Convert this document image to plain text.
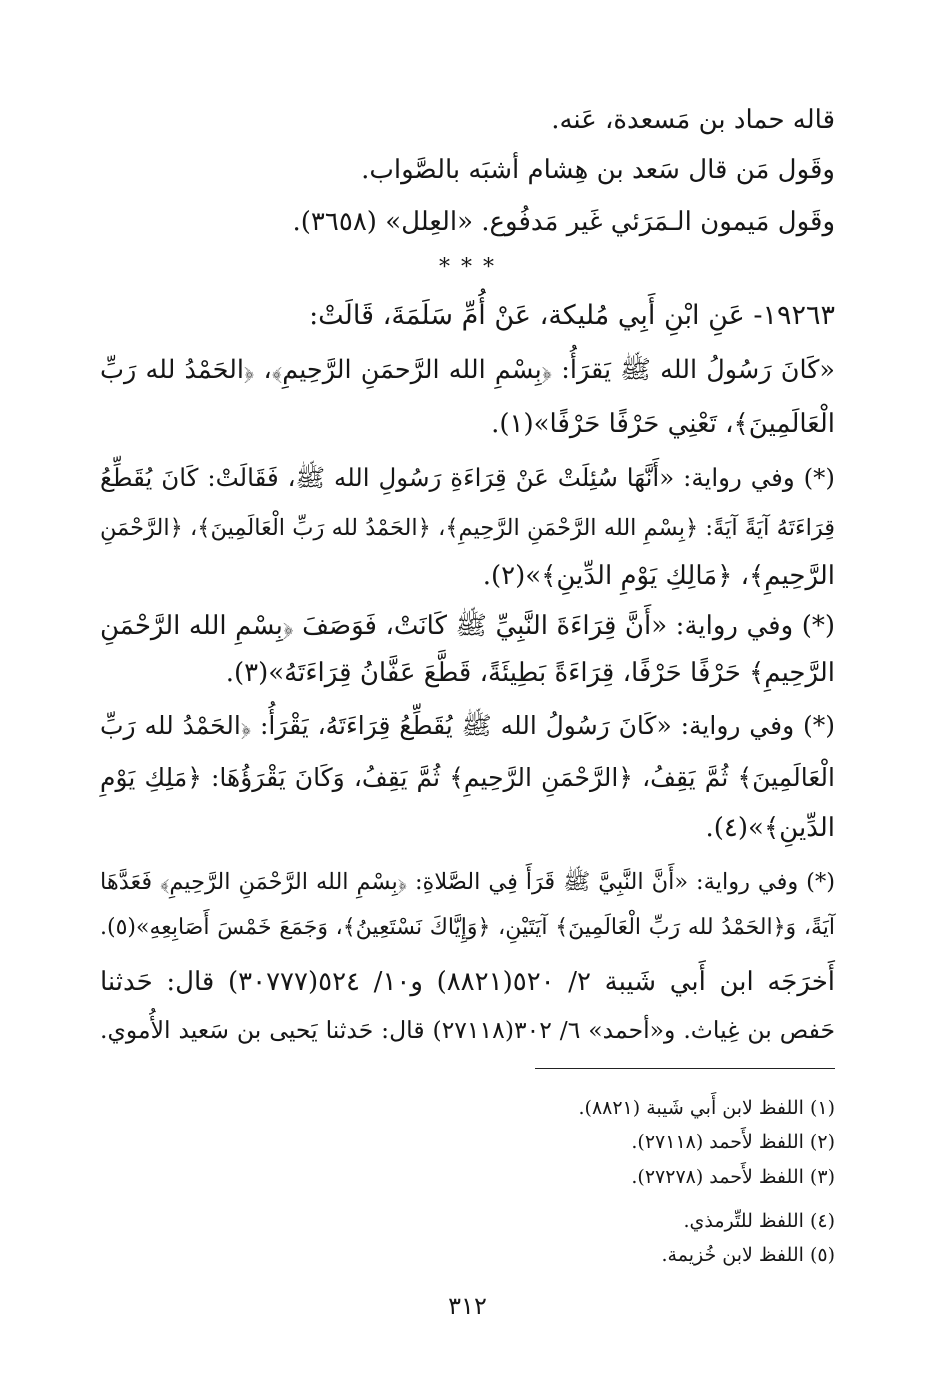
قاله حماد بن مَسعدة، عَنه.
وقَول مَن قال سَعد بن هِشام أشبَه بالصَّواب.
وقَول مَيمون الـمَرَئي غَير مَدفُوع. «العِلل» (٣٦٥٨).
* * *
١٩٢٦٣- عَنِ ابْنِ أَبِي مُليكة، عَنْ أُمِّ سَلَمَةَ، قَالَتْ:
«كَانَ رَسُولُ الله ﷺ يَقرَأُ: ﴿بِسْمِ الله الرَّحمَنِ الرَّحِيمِ﴾، ﴿الحَمْدُ لله رَبِّ
الْعَالَمِينَ﴾، تَعْنِي حَرْفًا حَرْفًا»(١).
(*) وفي رواية: «أَنَّهَا سُئِلَتْ عَنْ قِرَاءَةِ رَسُولِ الله ﷺ، فَقَالَتْ: كَانَ يُقَطِّعُ
قِرَاءَتَهُ آيَةً آيَةً: ﴿بِسْمِ الله الرَّحْمَنِ الرَّحِيمِ﴾، ﴿الحَمْدُ لله رَبِّ الْعَالَمِينَ﴾، ﴿الرَّحْمَنِ
الرَّحِيمِ﴾، ﴿مَالِكِ يَوْمِ الدِّينِ﴾»(٢).
(*) وفي رواية: «أَنَّ قِرَاءَةَ النَّبِيِّ ﷺ كَانَتْ، فَوَصَفَ ﴿بِسْمِ الله الرَّحْمَنِ
الرَّحِيمِ﴾ حَرْفًا حَرْفًا، قِرَاءَةً بَطِيئَةً، قَطَّعَ عَفَّانُ قِرَاءَتَهُ»(٣).
(*) وفي رواية: «كَانَ رَسُولُ الله ﷺ يُقَطِّعُ قِرَاءَتَهُ، يَقْرَأُ: ﴿الحَمْدُ لله رَبِّ
الْعَالَمِينَ﴾ ثُمَّ يَقِفُ، ﴿الرَّحْمَنِ الرَّحِيمِ﴾ ثُمَّ يَقِفُ، وَكَانَ يَقْرَؤُهَا: ﴿مَلِكِ يَوْمِ
الدِّينِ﴾»(٤).
(*) وفي رواية: «أَنَّ النَّبِيَّ ﷺ قَرَأَ فِي الصَّلاةِ: ﴿بِسْمِ الله الرَّحْمَنِ الرَّحِيمِ﴾ فَعَدَّهَا
آيَةً، وَ﴿الحَمْدُ لله رَبِّ الْعَالَمِينَ﴾ آيَتَيْنِ، ﴿وَإِيَّاكَ نَسْتَعِينُ﴾، وَجَمَعَ خَمْسَ أَصَابِعِهِ»(٥).
أَخرَجَه ابن أَبي شَيبة ٢/ ٥٢٠(٨٨٢١) و١٠/ ٥٢٤(٣٠٧٧٧) قال: حَدثنا
حَفص بن غِياث. و«أحمد» ٦/ ٣٠٢(٢٧١١٨) قال: حَدثنا يَحيى بن سَعيد الأُموي.
(١) اللفظ لابن أَبي شَيبة (٨٨٢١).
(٢) اللفظ لأَحمد (٢٧١١٨).
(٣) اللفظ لأَحمد (٢٧٢٧٨).
(٤) اللفظ للتِّرمذي.
(٥) اللفظ لابن خُزيمة.
٣١٢
